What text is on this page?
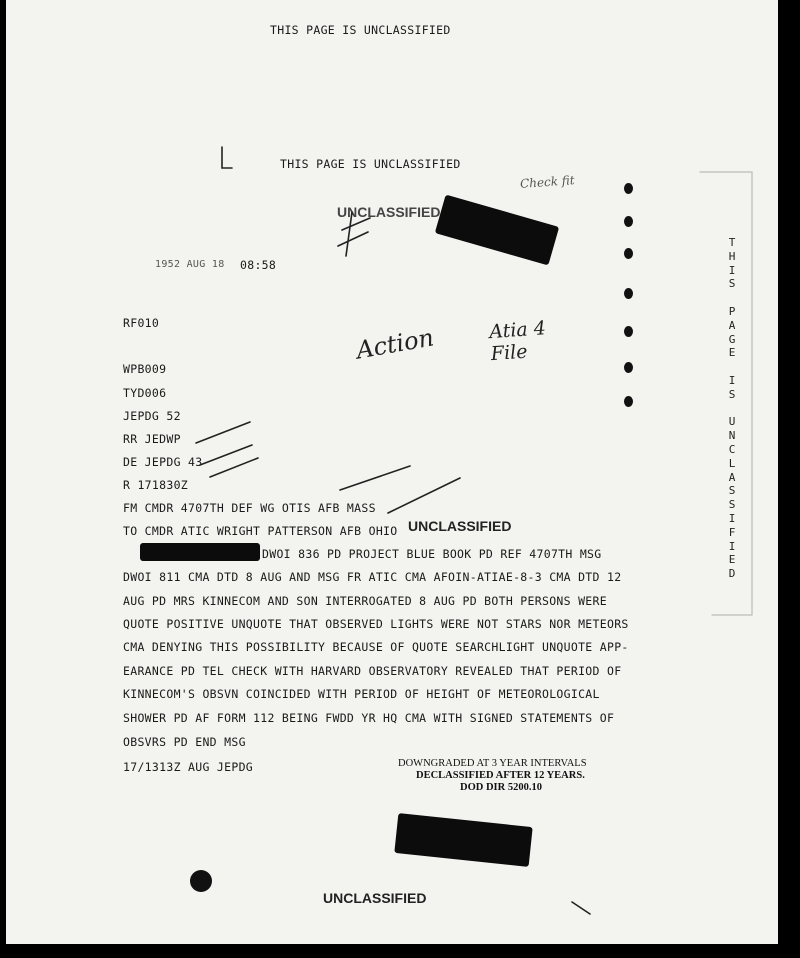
THIS PAGE IS UNCLASSIFIED
THIS PAGE IS UNCLASSIFIED
UNCLASSIFIED
UNCLASSIFIED
UNCLASSIFIED
1952 AUG 18 08:58
Action	Atia 4 File
Check fit
RF010
WPB009
TYD006
JEPDG 52
RR JEDWP
DE JEPDG 43
R 171830Z
FM CMDR 4707TH DEF WG OTIS AFB MASS
TO CMDR ATIC WRIGHT PATTERSON AFB OHIO
DWOI 836 PD PROJECT BLUE BOOK PD REF 4707TH MSG
DWOI 811 CMA DTD 8 AUG AND MSG FR ATIC CMA AFOIN-ATIAE-8-3 CMA DTD 12
AUG PD MRS KINNECOM AND SON INTERROGATED 8 AUG PD BOTH PERSONS WERE
QUOTE POSITIVE UNQUOTE THAT OBSERVED LIGHTS WERE NOT STARS NOR METEORS
CMA DENYING THIS POSSIBILITY BECAUSE OF QUOTE SEARCHLIGHT UNQUOTE APP-
EARANCE PD TEL CHECK WITH HARVARD OBSERVATORY REVEALED THAT PERIOD OF
KINNECOM'S OBSVN COINCIDED WITH PERIOD OF HEIGHT OF METEOROLOGICAL
SHOWER PD AF FORM 112 BEING FWDD YR HQ CMA WITH SIGNED STATEMENTS OF
OBSVRS PD END MSG
17/1313Z AUG JEPDG	DOWNGRADED AT 3 YEAR INTERVALS
DECLASSIFIED AFTER 12 YEARS.
DOD DIR 5200.10
T
H
I
S
P
A
G
E
I
S
U
N
C
L
A
S
S
I
F
I
E
D
